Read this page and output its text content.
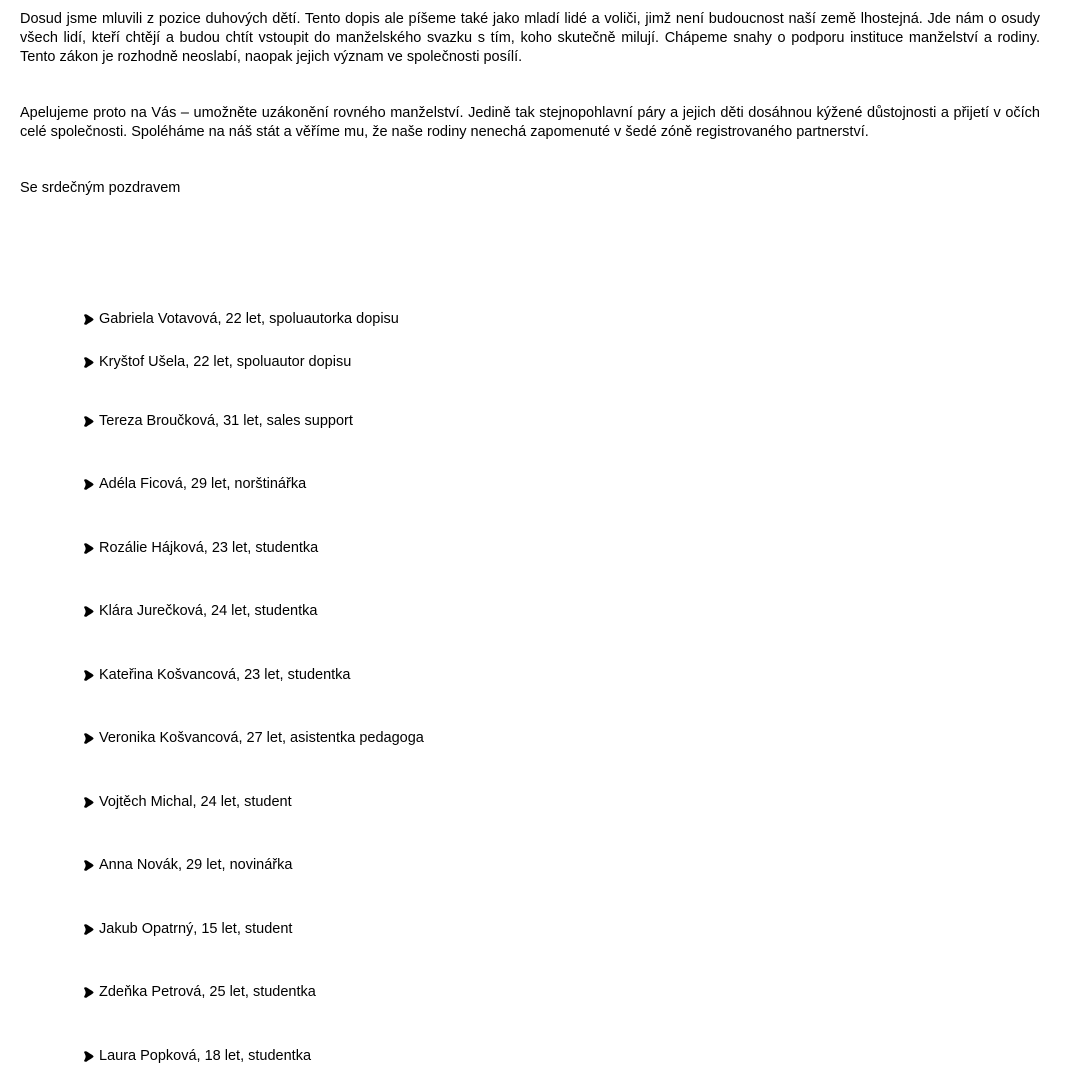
Dosud jsme mluvili z pozice duhových dětí. Tento dopis ale píšeme také jako mladí lidé a voliči, jimž není budoucnost naší země lhostejná. Jde nám o osudy všech lidí, kteří chtějí a budou chtít vstoupit do manželského svazku s tím, koho skutečně milují. Chápeme snahy o podporu instituce manželství a rodiny. Tento zákon je rozhodně neoslabí, naopak jejich význam ve společnosti posílí.

Apelujeme proto na Vás – umožněte uzákonění rovného manželství. Jedině tak stejnopohlavní páry a jejich děti dosáhnou kýžené důstojnosti a přijetí v očích celé společnosti. Spoléháme na náš stát a věříme mu, že naše rodiny nenechá zapomenuté v šedé zóně registrovaného partnerství.

Se srdečným pozdravem

Gabriela Votavová, 22 let, spoluautorka dopisu
Kryštof Ušela, 22 let, spoluautor dopisu
Tereza Broučková, 31 let, sales support
Adéla Ficová, 29 let, norštinářka
Rozálie Hájková, 23 let, studentka
Klára Jurečková, 24 let, studentka
Kateřina Košvancová, 23 let, studentka
Veronika Košvancová, 27 let, asistentka pedagoga
Vojtěch Michal, 24 let, student
Anna Novák, 29 let, novinářka
Jakub Opatrný, 15 let, student
Zdeňka Petrová, 25 let, studentka
Laura Popková, 18 let, studentka
